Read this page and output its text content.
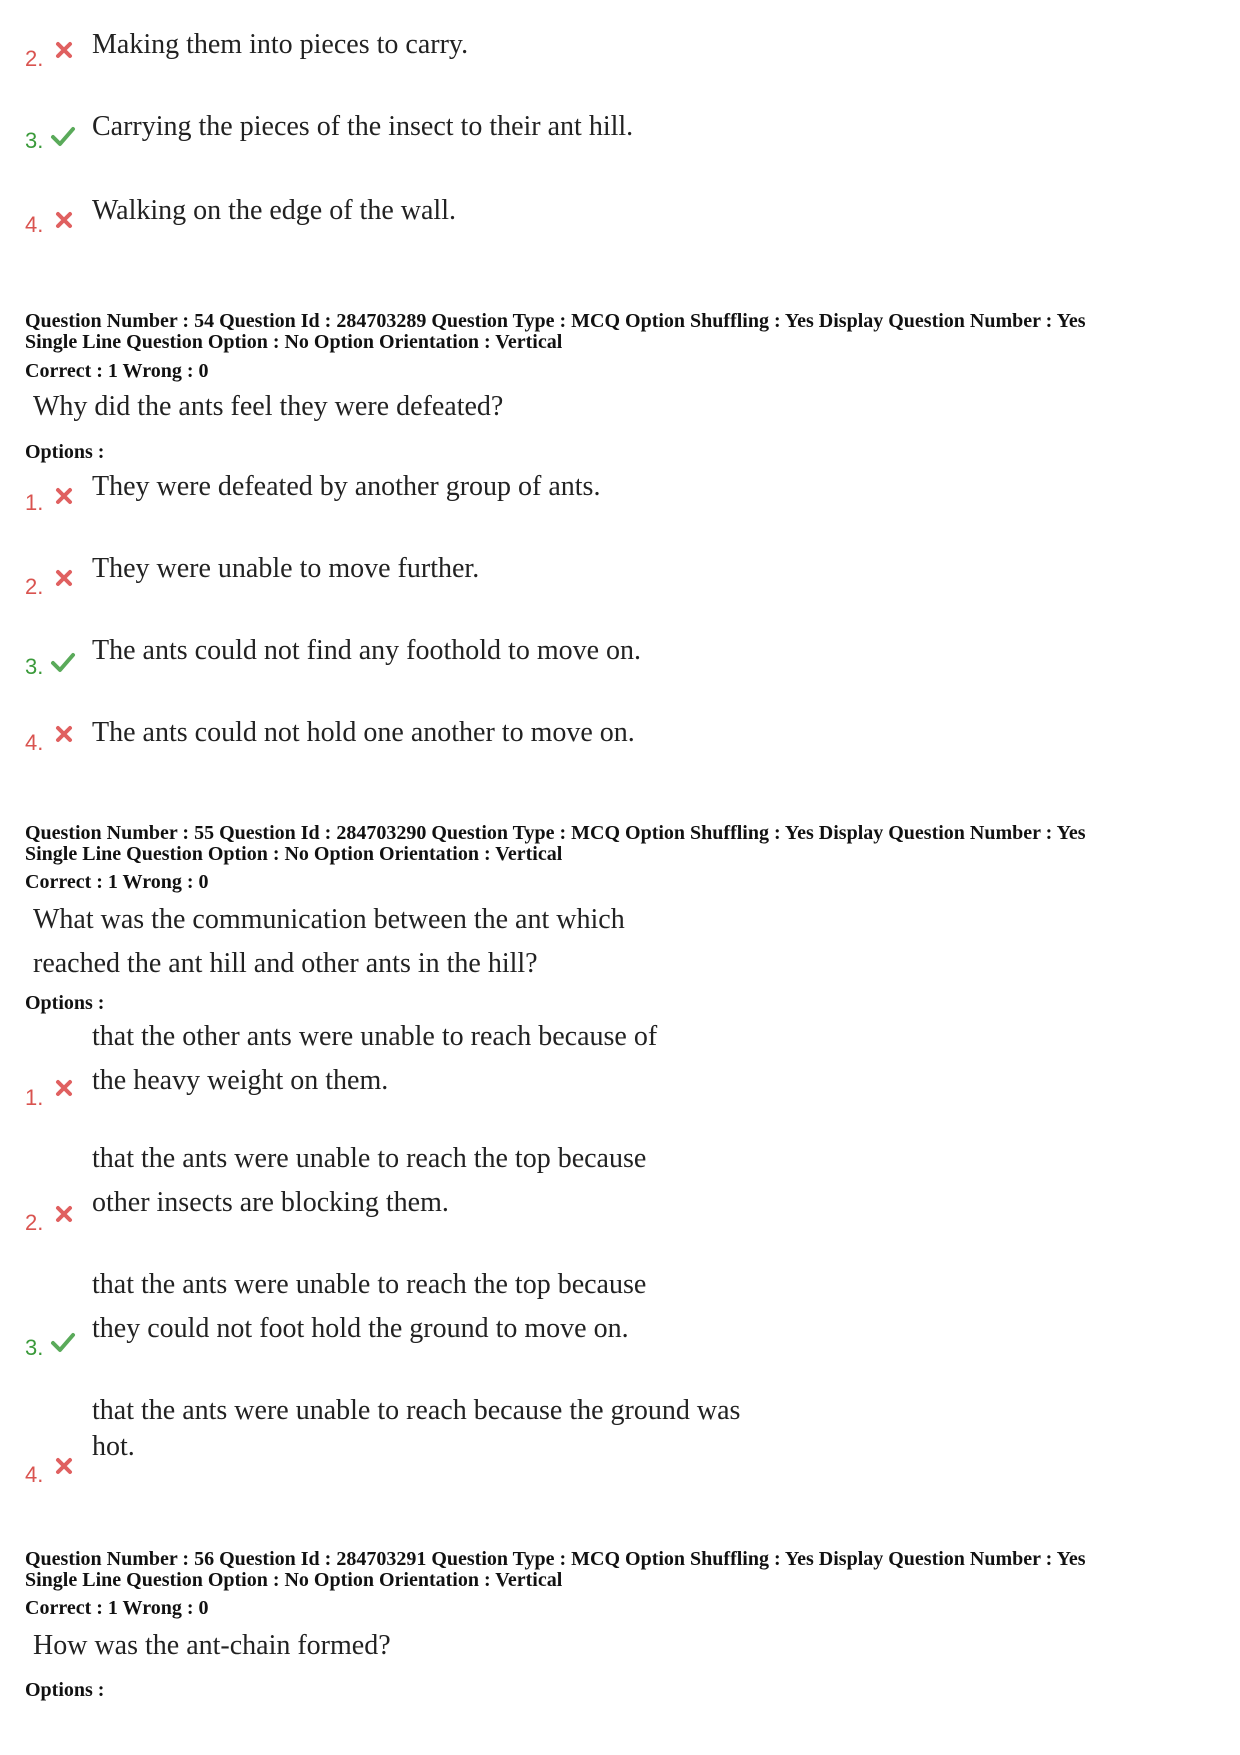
2. Making them into pieces to carry.
3. Carrying the pieces of the insect to their ant hill.
4. Walking on the edge of the wall.
Question Number : 54 Question Id : 284703289 Question Type : MCQ Option Shuffling : Yes Display Question Number : Yes
Single Line Question Option : No Option Orientation : Vertical
Correct : 1 Wrong : 0
Why did the ants feel they were defeated?
Options :
1.
They were defeated by another group of ants.
2.
They were unable to move further.
3.
The ants could not find any foothold to move on.
4. The ants could not hold one another to move on.
Question Number : 55 Question Id : 284703290 Question Type : MCQ Option Shuffling : Yes Display Question Number : Yes
Single Line Question Option : No Option Orientation : Vertical
Correct : 1 Wrong : 0
What was the communication between the ant which
reached the ant hill and other ants in the hill?
Options :
that the other ants were unable to reach because of
1.
the heavy weight on them.
that the ants were unable to reach the top because
2.
other insects are blocking them.
that the ants were unable to reach the top because
3.
they could not foot hold the ground to move on.
that the ants were unable to reach because the ground was
4.
hot.
Question Number : 56 Question Id : 284703291 Question Type : MCQ Option Shuffling : Yes Display Question Number : Yes
Single Line Question Option : No Option Orientation : Vertical
Correct : 1 Wrong : 0
How was the ant-chain formed?
Options :
